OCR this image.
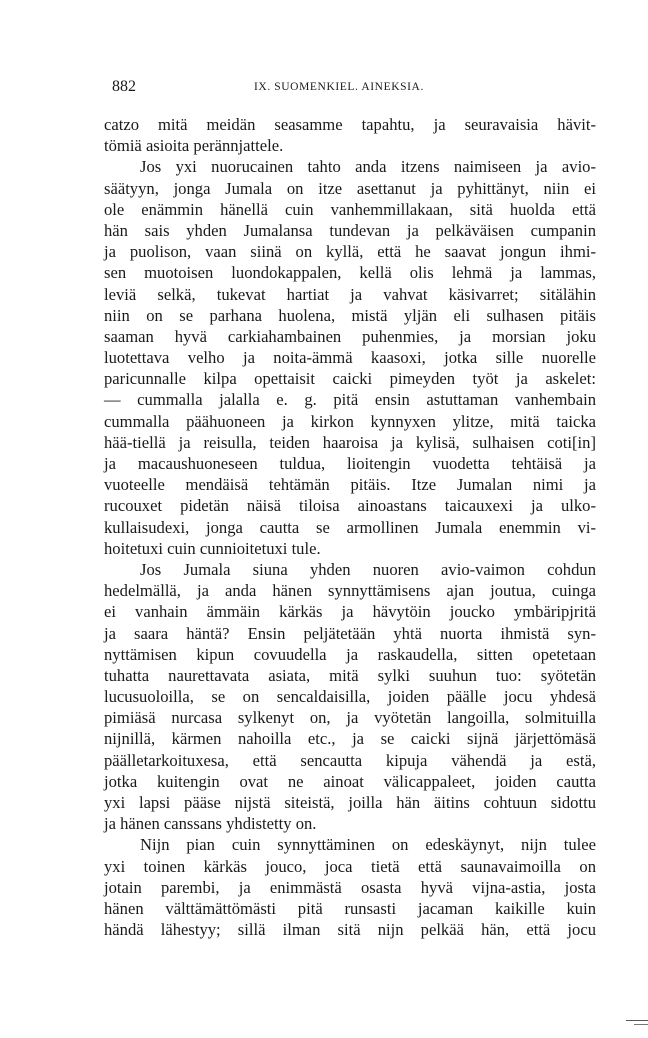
882	IX. SUOMENKIEL. AINEKSIA.
catzo mitä meidän seasamme tapahtu, ja seuravaisia hävit-
tömiä asioita perännjattele.
Jos yxi nuorucainen tahto anda itzens naimiseen ja avio-
säätyyn, jonga Jumala on itze asettanut ja pyhittänyt, niin ei
ole enämmin hänellä cuin vanhemmillakaan, sitä huolda että
hän sais yhden Jumalansa tundevan ja pelkäväisen cumpanin
ja puolison, vaan siinä on kyllä, että he saavat jongun ihmi-
sen muotoisen luondokappalen, kellä olis lehmä ja lammas,
leviä selkä, tukevat hartiat ja vahvat käsivarret; sitälähin
niin on se parhana huolena, mistä yljän eli sulhasen pitäis
saaman hyvä carkiahambainen puhenmies, ja morsian joku
luotettava velho ja noita-ämmä kaasoxi, jotka sille nuorelle
paricunnalle kilpa opettaisit caicki pimeyden työt ja askelet:
— cummalla jalalla e. g. pitä ensin astuttaman vanhembain
cummalla päähuoneen ja kirkon kynnyxen ylitze, mitä taicka
hää-tiellä ja reisulla, teiden haaroisa ja kylisä, sulhaisen coti[in]
ja macaushuoneseen tuldua, lioitengin vuodetta tehtäisä ja
vuoteelle mendäisä tehtämän pitäis. Itze Jumalan nimi ja
rucouxet pidetän näisä tiloisa ainoastans taicauxexi ja ulko-
kullaisudexi, jonga cautta se armollinen Jumala enemmin vi-
hoitetuxi cuin cunnioitetuxi tule.
Jos Jumala siuna yhden nuoren avio-vaimon cohdun
hedelmällä, ja anda hänen synnyttämisens ajan joutua, cuinga
ei vanhain ämmäin kärkäs ja hävytöin joucko ymbäripjritä
ja saara häntä? Ensin peljätetään yhtä nuorta ihmistä syn-
nyttämisen kipun covuudella ja raskaudella, sitten opetetaan
tuhatta naurettavata asiata, mitä sylki suuhun tuo: syötetän
lucusuoloilla, se on sencaldaisilla, joiden päälle jocu yhdesä
pimiäsä nurcasa sylkenyt on, ja vyötetän langoilla, solmituilla
nijnillä, kärmen nahoilla etc., ja se caicki sijnä järjettömäsä
päälletarkoituxesa, että sencautta kipuja vähendä ja estä,
jotka kuitengin ovat ne ainoat välicappaleet, joiden cautta
yxi lapsi pääse nijstä siteistä, joilla hän äitins cohtuun sidottu
ja hänen canssans yhdistetty on.
Nijn pian cuin synnyttäminen on edeskäynyt, nijn tulee
yxi toinen kärkäs jouco, joca tietä että saunavaimoilla on
jotain parembi, ja enimmästä osasta hyvä vijna-astia, josta
hänen välttämättömästi pitä runsasti jacaman kaikille kuin
händä lähestyy; sillä ilman sitä nijn pelkää hän, että jocu
